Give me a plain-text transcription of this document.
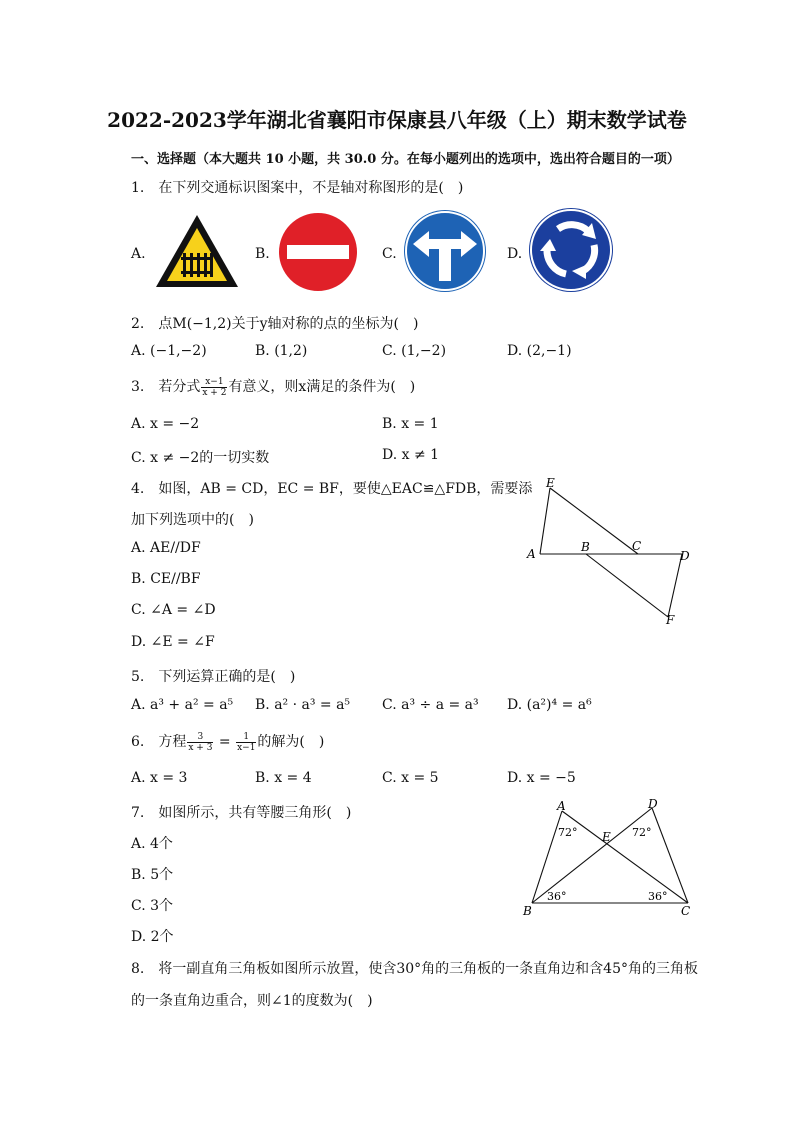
2022-2023学年湖北省襄阳市保康县八年级（上）期末数学试卷
一、选择题（本大题共 10 小题，共 30.0 分。在每小题列出的选项中，选出符合题目的一项）
1.　在下列交通标识图案中，不是轴对称图形的是(　)
A.	B.	C.	D.
2.　点M(−1,2)关于y轴对称的点的坐标为(　)
A. (−1,−2)	B. (1,2)	C. (1,−2)	D. (2,−1)
3.　若分式 $\frac{x-1}{x + 2}$ 有意义，则x满足的条件为(　)
A. x = −2	B. x = 1
C. x ≠ −2的一切实数	D. x ≠ 1
4.　如图，AB = CD，EC = BF，要使△EAC≌△FDB，需要添
加下列选项中的(　)
A. AE//DF
B. CE//BF
C. ∠A = ∠D
D. ∠E = ∠F
E
A	B	C
D
F
5.　下列运算正确的是(　)
A. a³ + a² = a⁵ B. a² · a³ = a⁵ C. a³ ÷ a = a³ D. (a²)⁴ = a⁶
6.　方程 $\frac{3}{x + 3} = \frac{1}{x-1}$ 的解为(　)
A. x = 3	B. x = 4	C. x = 5	D. x = −5
7.　如图所示，共有等腰三角形(　)
A. 4个
B. 5个
C. 3个
D. 2个
A	D
E
B	C
72°	72°
36°	36°
8.　将一副直角三角板如图所示放置，使含30°角的三角板的一条直角边和含45°角的三角板
的一条直角边重合，则∠1的度数为(　)
